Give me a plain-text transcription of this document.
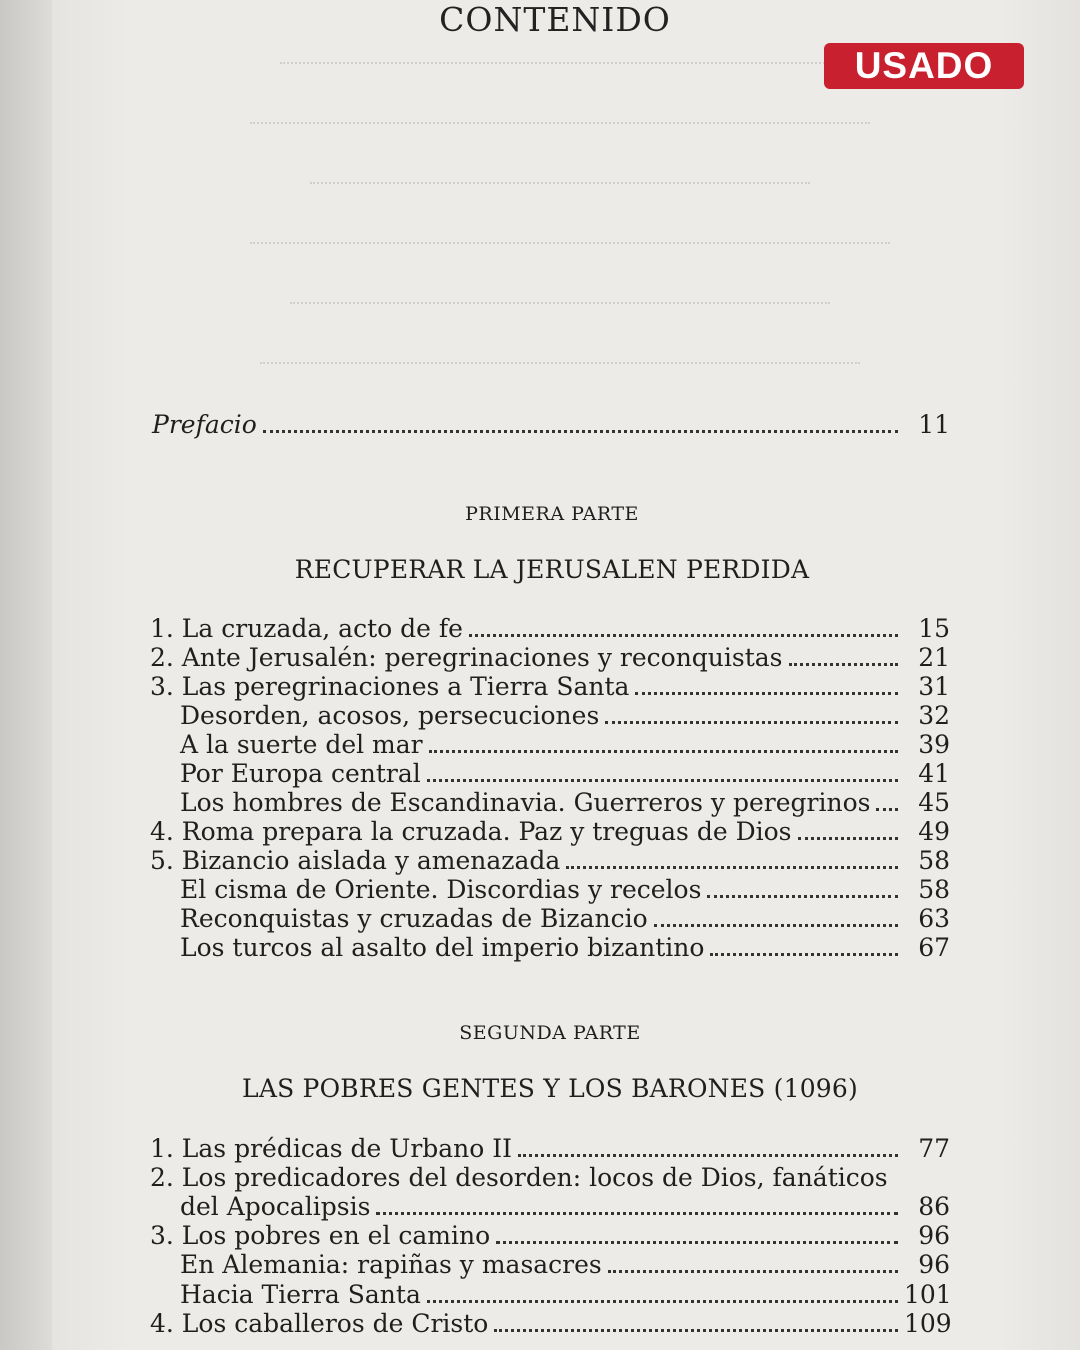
CONTENIDO
USADO
Prefacio	11
PRIMERA PARTE
RECUPERAR LA JERUSALEN PERDIDA
1. La cruzada, acto de fe	15
2. Ante Jerusalén: peregrinaciones y reconquistas	21
3. Las peregrinaciones a Tierra Santa	31
Desorden, acosos, persecuciones	32
A la suerte del mar	39
Por Europa central	41
Los hombres de Escandinavia. Guerreros y peregrinos	45
4. Roma prepara la cruzada. Paz y treguas de Dios	49
5. Bizancio aislada y amenazada	58
El cisma de Oriente. Discordias y recelos	58
Reconquistas y cruzadas de Bizancio	63
Los turcos al asalto del imperio bizantino	67
SEGUNDA PARTE
LAS POBRES GENTES Y LOS BARONES (1096)
1. Las prédicas de Urbano II	77
2. Los predicadores del desorden: locos de Dios, fanáticos
del Apocalipsis	86
3. Los pobres en el camino	96
En Alemania: rapiñas y masacres	96
Hacia Tierra Santa	101
4. Los caballeros de Cristo	109
